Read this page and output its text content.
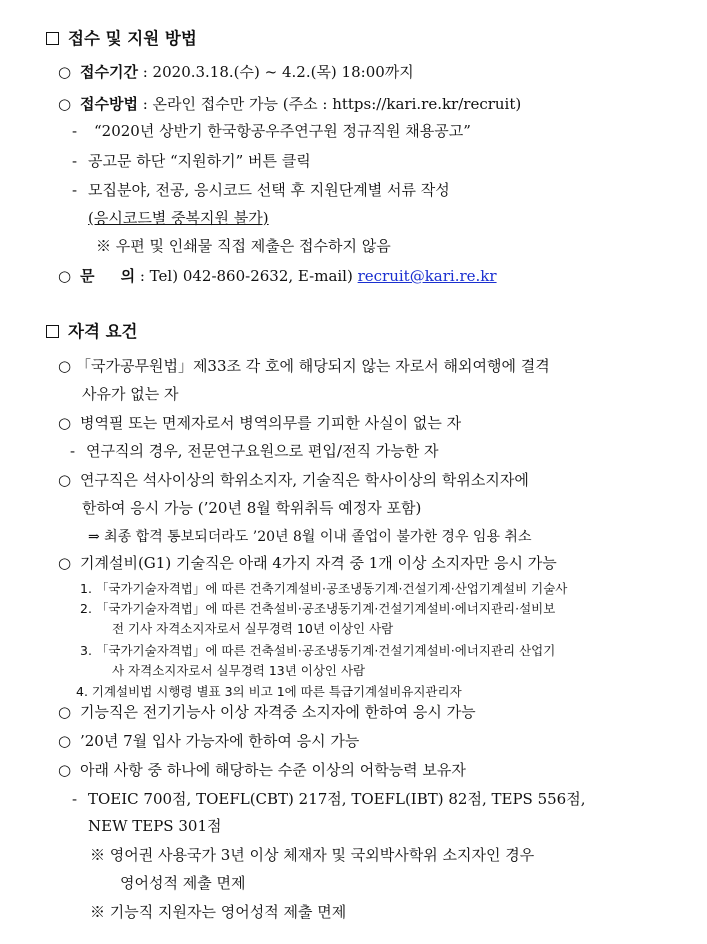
접수 및 지원 방법
○ 접수기간 : 2020.3.18.(수) ~ 4.2.(목) 18:00까지
○ 접수방법 : 온라인 접수만 가능 (주소 : https://kari.re.kr/recruit)
- “2020년 상반기 한국항공우주연구원 정규직원 채용공고”
- 공고문 하단 “지원하기” 버튼 클릭
- 모집분야, 전공, 응시코드 선택 후 지원단계별 서류 작성
(응시코드별 중복지원 불가)
※ 우편 및 인쇄물 직접 제출은 접수하지 않음
○ 문     의 : Tel) 042-860-2632, E-mail) recruit@kari.re.kr
자격 요건
○ 「국가공무원법」제33조 각 호에 해당되지 않는 자로서 해외여행에 결격
사유가 없는 자
○ 병역필 또는 면제자로서 병역의무를 기피한 사실이 없는 자
- 연구직의 경우, 전문연구요원으로 편입/전직 가능한 자
○ 연구직은 석사이상의 학위소지자, 기술직은 학사이상의 학위소지자에
한하여 응시 가능 (’20년 8월 학위취득 예정자 포함)
⇒ 최종 합격 통보되더라도 ’20년 8월 이내 졸업이 불가한 경우 임용 취소
○ 기계설비(G1) 기술직은 아래 4가지 자격 중 1개 이상 소지자만 응시 가능
1. 「국가기술자격법」에 따른 건축기계설비·공조냉동기계·건설기계·산업기계설비 기술사
2. 「국가기술자격법」에 따른 건축설비·공조냉동기계·건설기계설비·에너지관리·설비보
전 기사 자격소지자로서 실무경력 10년 이상인 사람
3. 「국가기술자격법」에 따른 건축설비·공조냉동기계·건설기계설비·에너지관리 산업기
사 자격소지자로서 실무경력 13년 이상인 사람
4. 기계설비법 시행령 별표 3의 비고 1에 따른 특급기계설비유지관리자
○ 기능직은 전기기능사 이상 자격중 소지자에 한하여 응시 가능
○ ’20년 7월 입사 가능자에 한하여 응시 가능
○ 아래 사항 중 하나에 해당하는 수준 이상의 어학능력 보유자
- TOEIC 700점, TOEFL(CBT) 217점, TOEFL(IBT) 82점, TEPS 556점,
NEW TEPS 301점
※ 영어권 사용국가 3년 이상 체재자 및 국외박사학위 소지자인 경우
영어성적 제출 면제
※ 기능직 지원자는 영어성적 제출 면제
